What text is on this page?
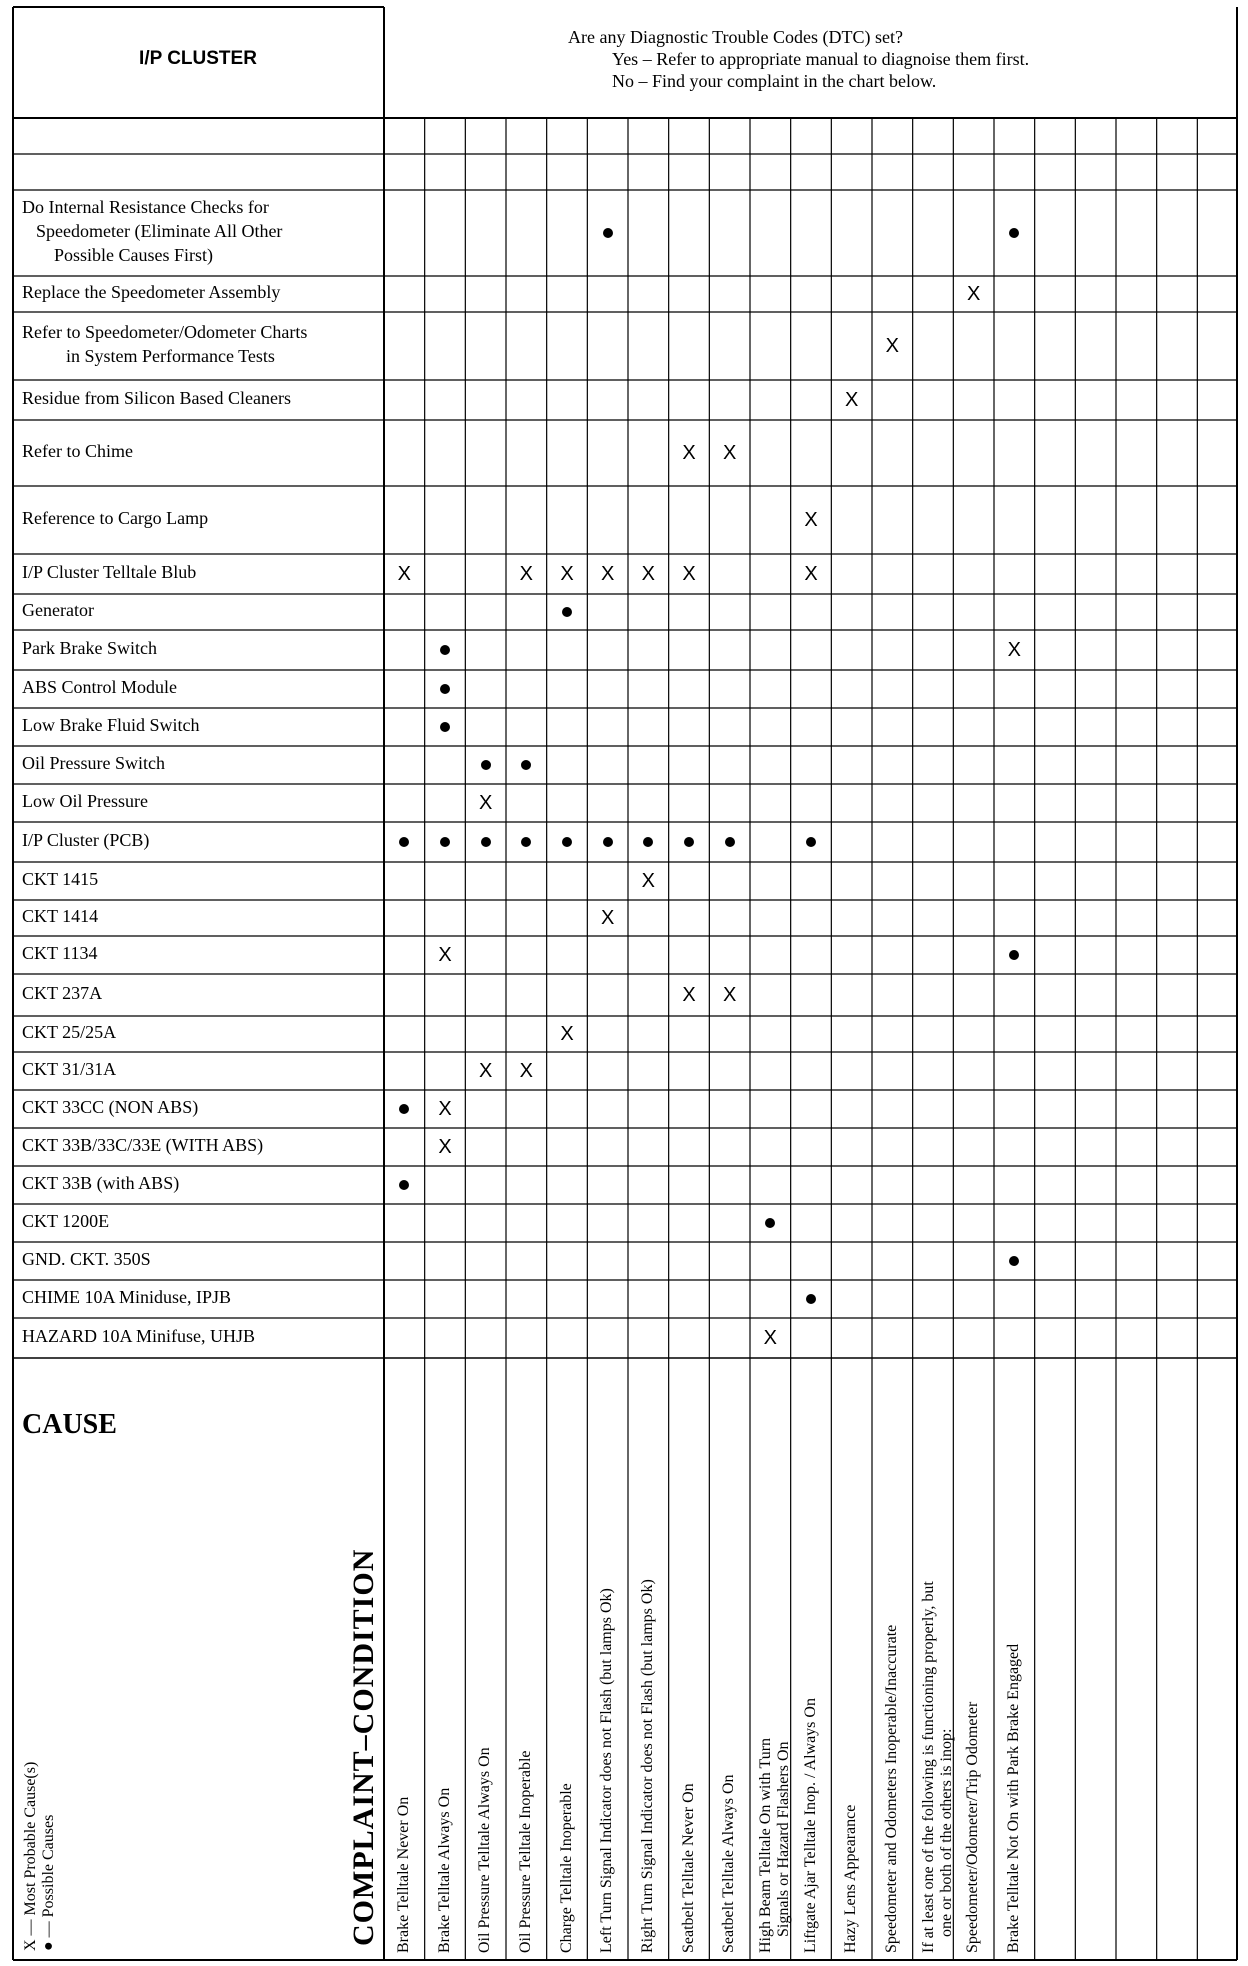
I/P CLUSTER
Are any Diagnostic Trouble Codes (DTC) set?
Yes – Refer to appropriate manual to diagnoise them first.
No – Find your complaint in the chart below.
CAUSE
COMPLAINT–CONDITION
X — Most Probable Cause(s) ● — Possible Causes
Do Internal Resistance Checks for
Speedometer (Eliminate All Other
Possible Causes First)
Replace the Speedometer Assembly
Refer to Speedometer/Odometer Charts
in System Performance Tests
Residue from Silicon Based Cleaners
Refer to Chime
Reference to Cargo Lamp
I/P Cluster Telltale Blub
Generator
Park Brake Switch
ABS Control Module
Low Brake Fluid Switch
Oil Pressure Switch
Low Oil Pressure
I/P Cluster (PCB)
CKT 1415
CKT 1414
CKT 1134
CKT 237A
CKT 25/25A
CKT 31/31A
CKT 33CC (NON ABS)
CKT 33B/33C/33E (WITH ABS)
CKT 33B (with ABS)
CKT 1200E
GND. CKT. 350S
CHIME 10A Miniduse, IPJB
HAZARD 10A Minifuse, UHJB
Brake Telltale Never On Brake Telltale Always On Oil Pressure Telltale Always On Oil Pressure Telltale Inoperable Charge Telltale Inoperable Left Turn Signal Indicator does not Flash (but lamps Ok) Right Turn Signal Indicator does not Flash (but lamps Ok) Seatbelt Telltale Never On Seatbelt Telltale Always On High Beam Telltale On with Turn Signals or Hazard Flashers On Liftgate Ajar Telltale Inop. / Always On Hazy Lens Appearance Speedometer and Odometers Inoperable/Inaccurate If at least one of the following is functioning properly, but one or both of the others is inop: Speedometer/Odometer/Trip Odometer Brake Telltale Not On with Park Brake Engaged
X
X
X
X X
X
X	X X X X X	X
X
X
X
X
X
X X
X
X X
X
X
X
